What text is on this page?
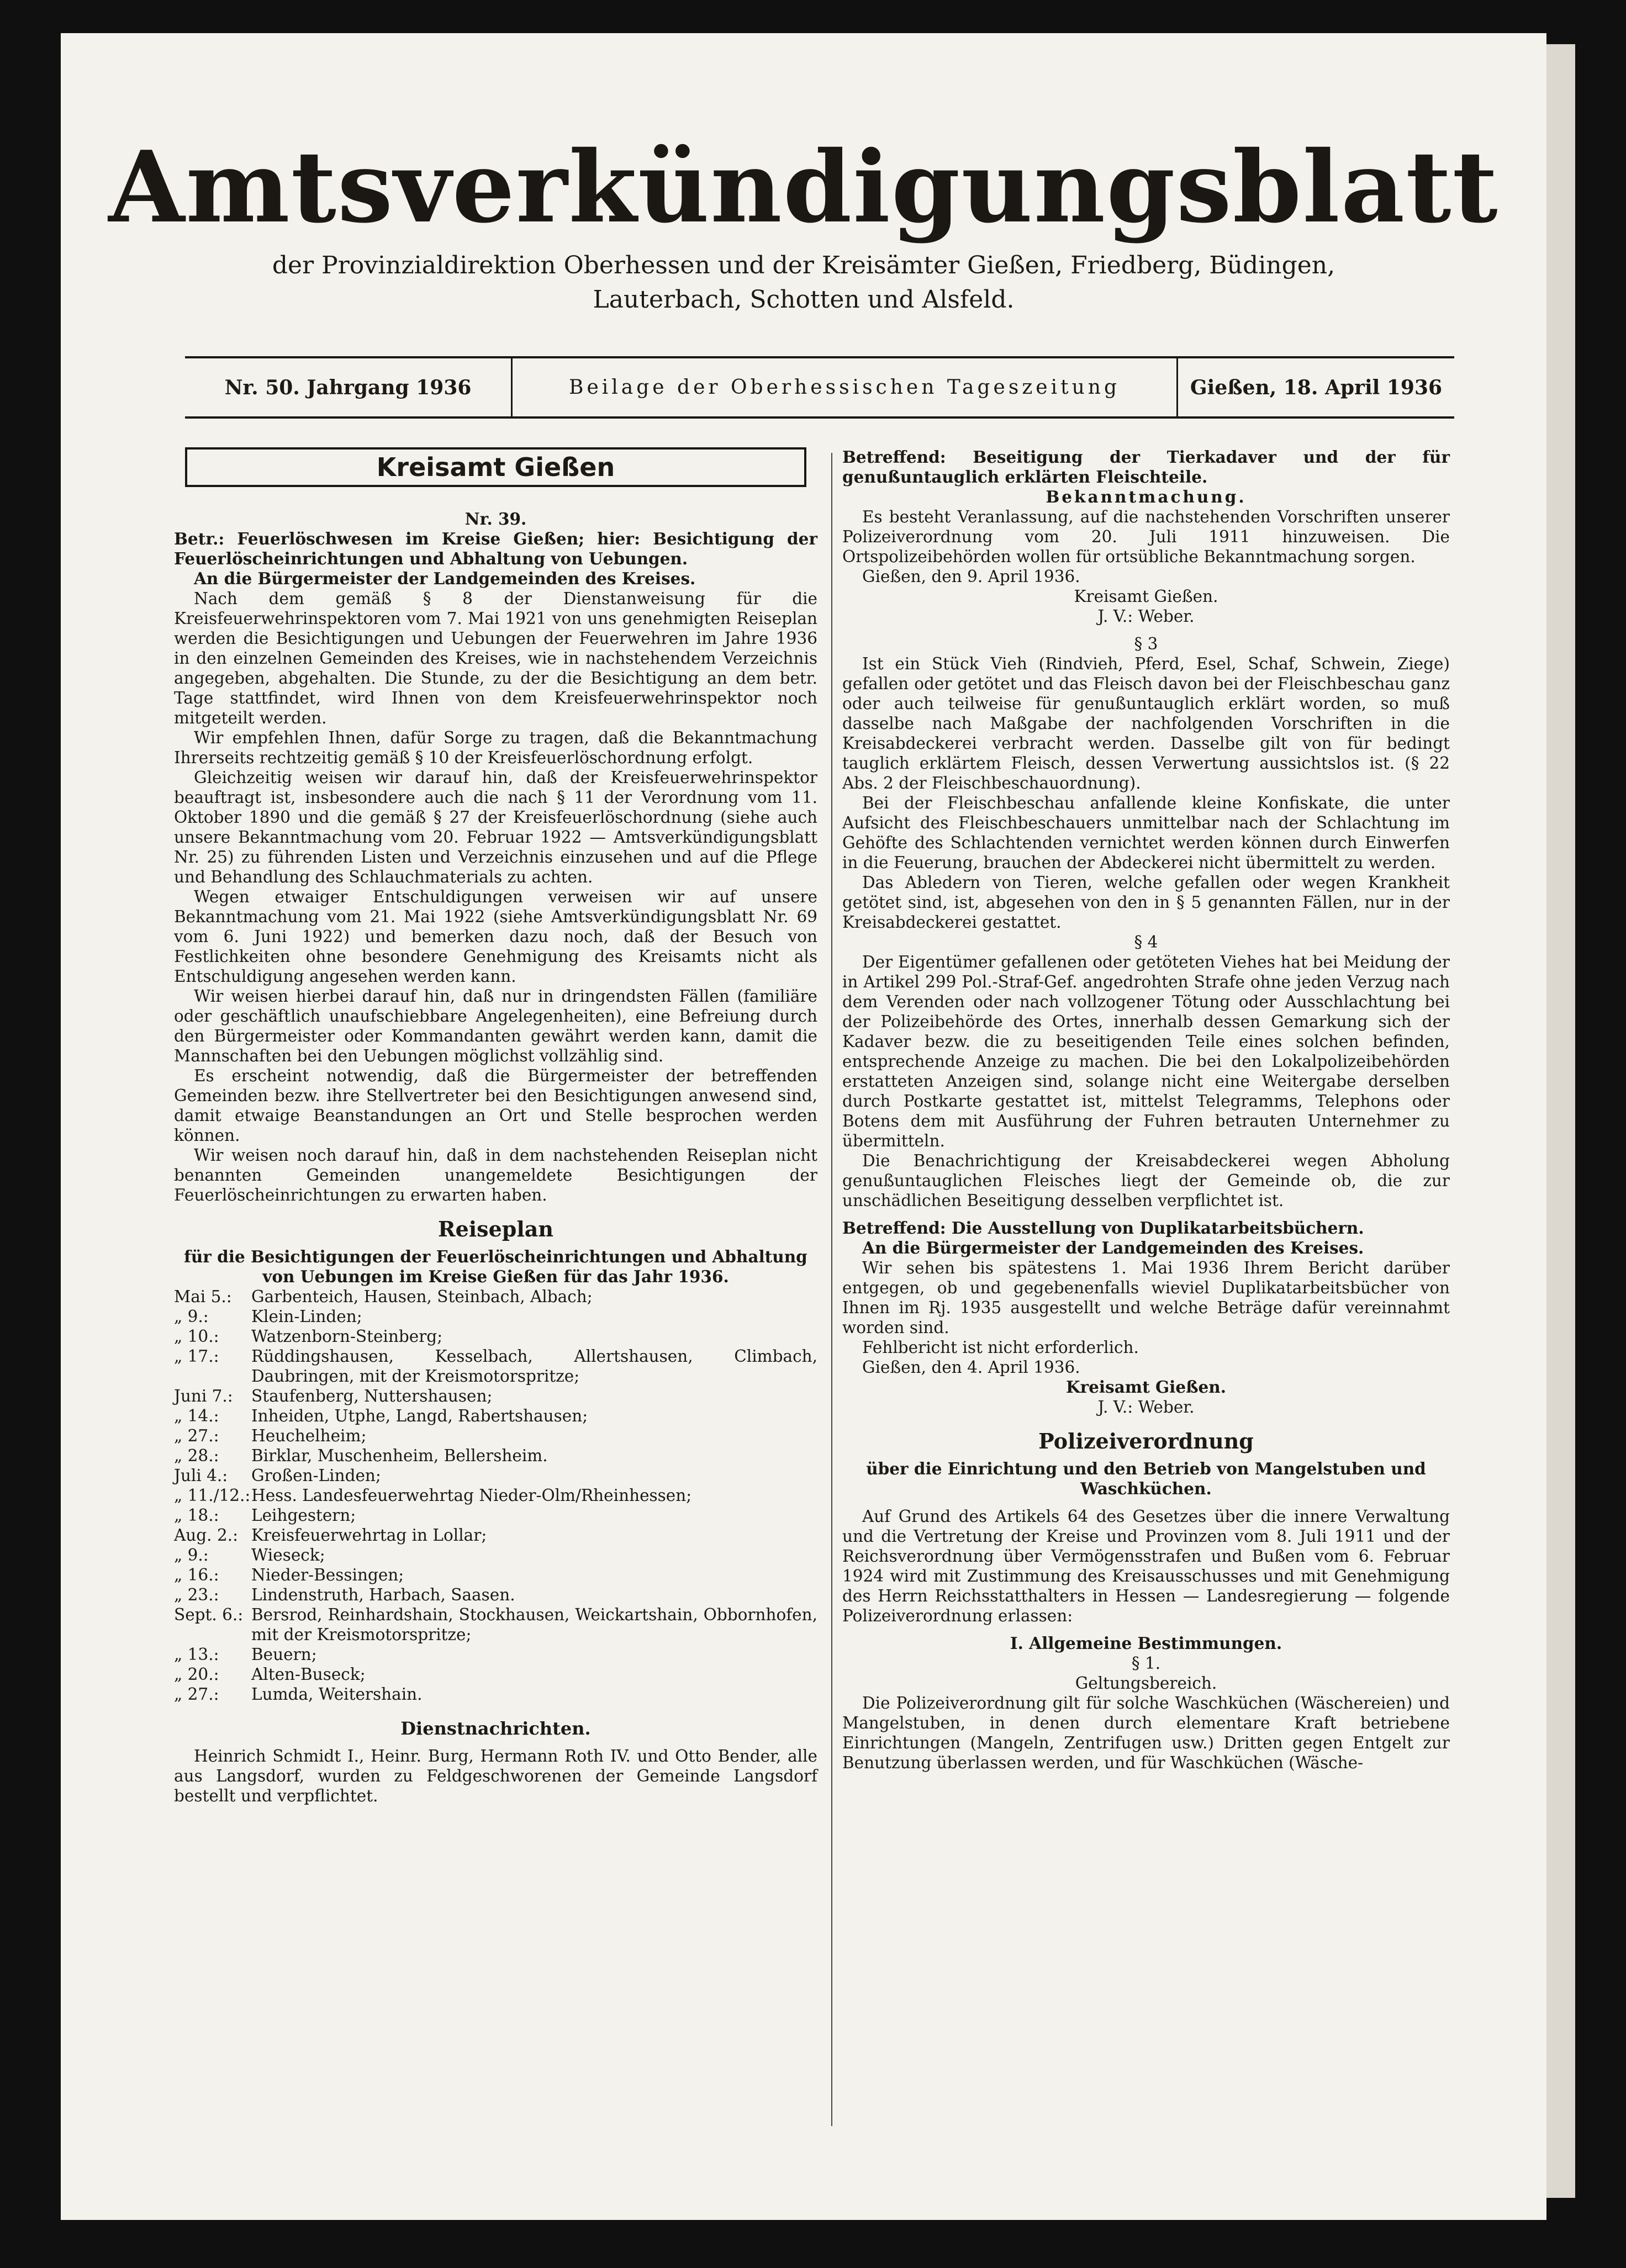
Amtsverkündigungsblatt
der Provinzialdirektion Oberhessen und der Kreisämter Gießen, Friedberg, Büdingen,
Lauterbach, Schotten und Alsfeld.
Nr. 50. Jahrgang 1936	Beilage der Oberhessischen Tageszeitung	Gießen, 18. April 1936
Kreisamt Gießen
Nr. 39.

Betr.: Feuerlöschwesen im Kreise Gießen; hier: Besichtigung der Feuerlöscheinrichtungen und Abhaltung von Uebungen.

An die Bürgermeister der Landgemeinden des Kreises.

Nach dem gemäß § 8 der Dienstanweisung für die Kreisfeuerwehrinspektoren vom 7. Mai 1921 von uns genehmigten Reiseplan werden die Besichtigungen und Uebungen der Feuerwehren im Jahre 1936 in den einzelnen Gemeinden des Kreises, wie in nachstehendem Verzeichnis angegeben, abgehalten. Die Stunde, zu der die Besichtigung an dem betr. Tage stattfindet, wird Ihnen von dem Kreisfeuerwehrinspektor noch mitgeteilt werden.

Wir empfehlen Ihnen, dafür Sorge zu tragen, daß die Bekanntmachung Ihrerseits rechtzeitig gemäß § 10 der Kreisfeuerlöschordnung erfolgt.

Gleichzeitig weisen wir darauf hin, daß der Kreisfeuerwehrinspektor beauftragt ist, insbesondere auch die nach § 11 der Verordnung vom 11. Oktober 1890 und die gemäß § 27 der Kreisfeuerlöschordnung (siehe auch unsere Bekanntmachung vom 20. Februar 1922 — Amtsverkündigungsblatt Nr. 25) zu führenden Listen und Verzeichnis einzusehen und auf die Pflege und Behandlung des Schlauchmaterials zu achten.

Wegen etwaiger Entschuldigungen verweisen wir auf unsere Bekanntmachung vom 21. Mai 1922 (siehe Amtsverkündigungsblatt Nr. 69 vom 6. Juni 1922) und bemerken dazu noch, daß der Besuch von Festlichkeiten ohne besondere Genehmigung des Kreisamts nicht als Entschuldigung angesehen werden kann.

Wir weisen hierbei darauf hin, daß nur in dringendsten Fällen (familiäre oder geschäftlich unaufschiebbare Angelegenheiten), eine Befreiung durch den Bürgermeister oder Kommandanten gewährt werden kann, damit die Mannschaften bei den Uebungen möglichst vollzählig sind.

Es erscheint notwendig, daß die Bürgermeister der betreffenden Gemeinden bezw. ihre Stellvertreter bei den Besichtigungen anwesend sind, damit etwaige Beanstandungen an Ort und Stelle besprochen werden können.

Wir weisen noch darauf hin, daß in dem nachstehenden Reiseplan nicht benannten Gemeinden unangemeldete Besichtigungen der Feuerlöscheinrichtungen zu erwarten haben.

Reiseplan

für die Besichtigungen der Feuerlöscheinrichtungen und Abhaltung von Uebungen im Kreise Gießen für das Jahr 1936.

Mai 5.:	Garbenteich, Hausen, Steinbach, Albach;
„ 9.:	Klein-Linden;
„ 10.:	Watzenborn-Steinberg;
„ 17.:	Rüddingshausen, Kesselbach, Allertshausen, Climbach, Daubringen, mit der Kreismotorspritze;
Juni 7.:	Staufenberg, Nuttershausen;
„ 14.:	Inheiden, Utphe, Langd, Rabertshausen;
„ 27.:	Heuchelheim;
„ 28.:	Birklar, Muschenheim, Bellersheim.
Juli 4.:	Großen-Linden;
„ 11./12.: Hess. Landesfeuerwehrtag Nieder-Olm/Rheinhessen;
„ 18.:	Leihgestern;
Aug. 2.: Kreisfeuerwehrtag in Lollar;
„ 9.:	Wieseck;
„ 16.:	Nieder-Bessingen;
„ 23.:	Lindenstruth, Harbach, Saasen.
Sept. 6.: Bersrod, Reinhardshain, Stockhausen, Weickartshain, Obbornhofen, mit der Kreismotorspritze;
„ 13.:	Beuern;
„ 20.:	Alten-Buseck;
„ 27.:	Lumda, Weitershain.
Dienstnachrichten.

Heinrich Schmidt I., Heinr. Burg, Hermann Roth IV. und Otto Bender, alle aus Langsdorf, wurden zu Feldgeschworenen der Gemeinde Langsdorf bestellt und verpflichtet.

Betreffend: Beseitigung der Tierkadaver und der für genußuntauglich erklärten Fleischteile.

Bekanntmachung.

Es besteht Veranlassung, auf die nachstehenden Vorschriften unserer Polizeiverordnung vom 20. Juli 1911 hinzuweisen. Die Ortspolizeibehörden wollen für ortsübliche Bekanntmachung sorgen.

Gießen, den 9. April 1936.

Kreisamt Gießen.
J. V.: Weber.
§ 3

Ist ein Stück Vieh (Rindvieh, Pferd, Esel, Schaf, Schwein, Ziege) gefallen oder getötet und das Fleisch davon bei der Fleischbeschau ganz oder auch teilweise für genußuntauglich erklärt worden, so muß dasselbe nach Maßgabe der nachfolgenden Vorschriften in die Kreisabdeckerei verbracht werden. Dasselbe gilt von für bedingt tauglich erklärtem Fleisch, dessen Verwertung aussichtslos ist. (§ 22 Abs. 2 der Fleischbeschauordnung).

Bei der Fleischbeschau anfallende kleine Konfiskate, die unter Aufsicht des Fleischbeschauers unmittelbar nach der Schlachtung im Gehöfte des Schlachtenden vernichtet werden können durch Einwerfen in die Feuerung, brauchen der Abdeckerei nicht übermittelt zu werden.

Das Abledern von Tieren, welche gefallen oder wegen Krankheit getötet sind, ist, abgesehen von den in § 5 genannten Fällen, nur in der Kreisabdeckerei gestattet.

§ 4

Der Eigentümer gefallenen oder getöteten Viehes hat bei Meidung der in Artikel 299 Pol.-Straf-Gef. angedrohten Strafe ohne jeden Verzug nach dem Verenden oder nach vollzogener Tötung oder Ausschlachtung bei der Polizeibehörde des Ortes, innerhalb dessen Gemarkung sich der Kadaver bezw. die zu beseitigenden Teile eines solchen befinden, entsprechende Anzeige zu machen. Die bei den Lokalpolizeibehörden erstatteten Anzeigen sind, solange nicht eine Weitergabe derselben durch Postkarte gestattet ist, mittelst Telegramms, Telephons oder Botens dem mit Ausführung der Fuhren betrauten Unternehmer zu übermitteln.

Die Benachrichtigung der Kreisabdeckerei wegen Abholung genußuntauglichen Fleisches liegt der Gemeinde ob, die zur unschädlichen Beseitigung desselben verpflichtet ist.

Betreffend: Die Ausstellung von Duplikatarbeitsbüchern.

An die Bürgermeister der Landgemeinden des Kreises.

Wir sehen bis spätestens 1. Mai 1936 Ihrem Bericht darüber entgegen, ob und gegebenenfalls wieviel Duplikatarbeitsbücher von Ihnen im Rj. 1935 ausgestellt und welche Beträge dafür vereinnahmt worden sind.

Fehlbericht ist nicht erforderlich.

Gießen, den 4. April 1936.

Kreisamt Gießen.
J. V.: Weber.
Polizeiverordnung

über die Einrichtung und den Betrieb von Mangelstuben und Waschküchen.

Auf Grund des Artikels 64 des Gesetzes über die innere Verwaltung und die Vertretung der Kreise und Provinzen vom 8. Juli 1911 und der Reichsverordnung über Vermögensstrafen und Bußen vom 6. Februar 1924 wird mit Zustimmung des Kreisausschusses und mit Genehmigung des Herrn Reichsstatthalters in Hessen — Landesregierung — folgende Polizeiverordnung erlassen:

I. Allgemeine Bestimmungen.
§ 1.
Geltungsbereich.

Die Polizeiverordnung gilt für solche Waschküchen (Wäschereien) und Mangelstuben, in denen durch elementare Kraft betriebene Einrichtungen (Mangeln, Zentrifugen usw.) Dritten gegen Entgelt zur Benutzung überlassen werden, und für Waschküchen (Wäsche-
